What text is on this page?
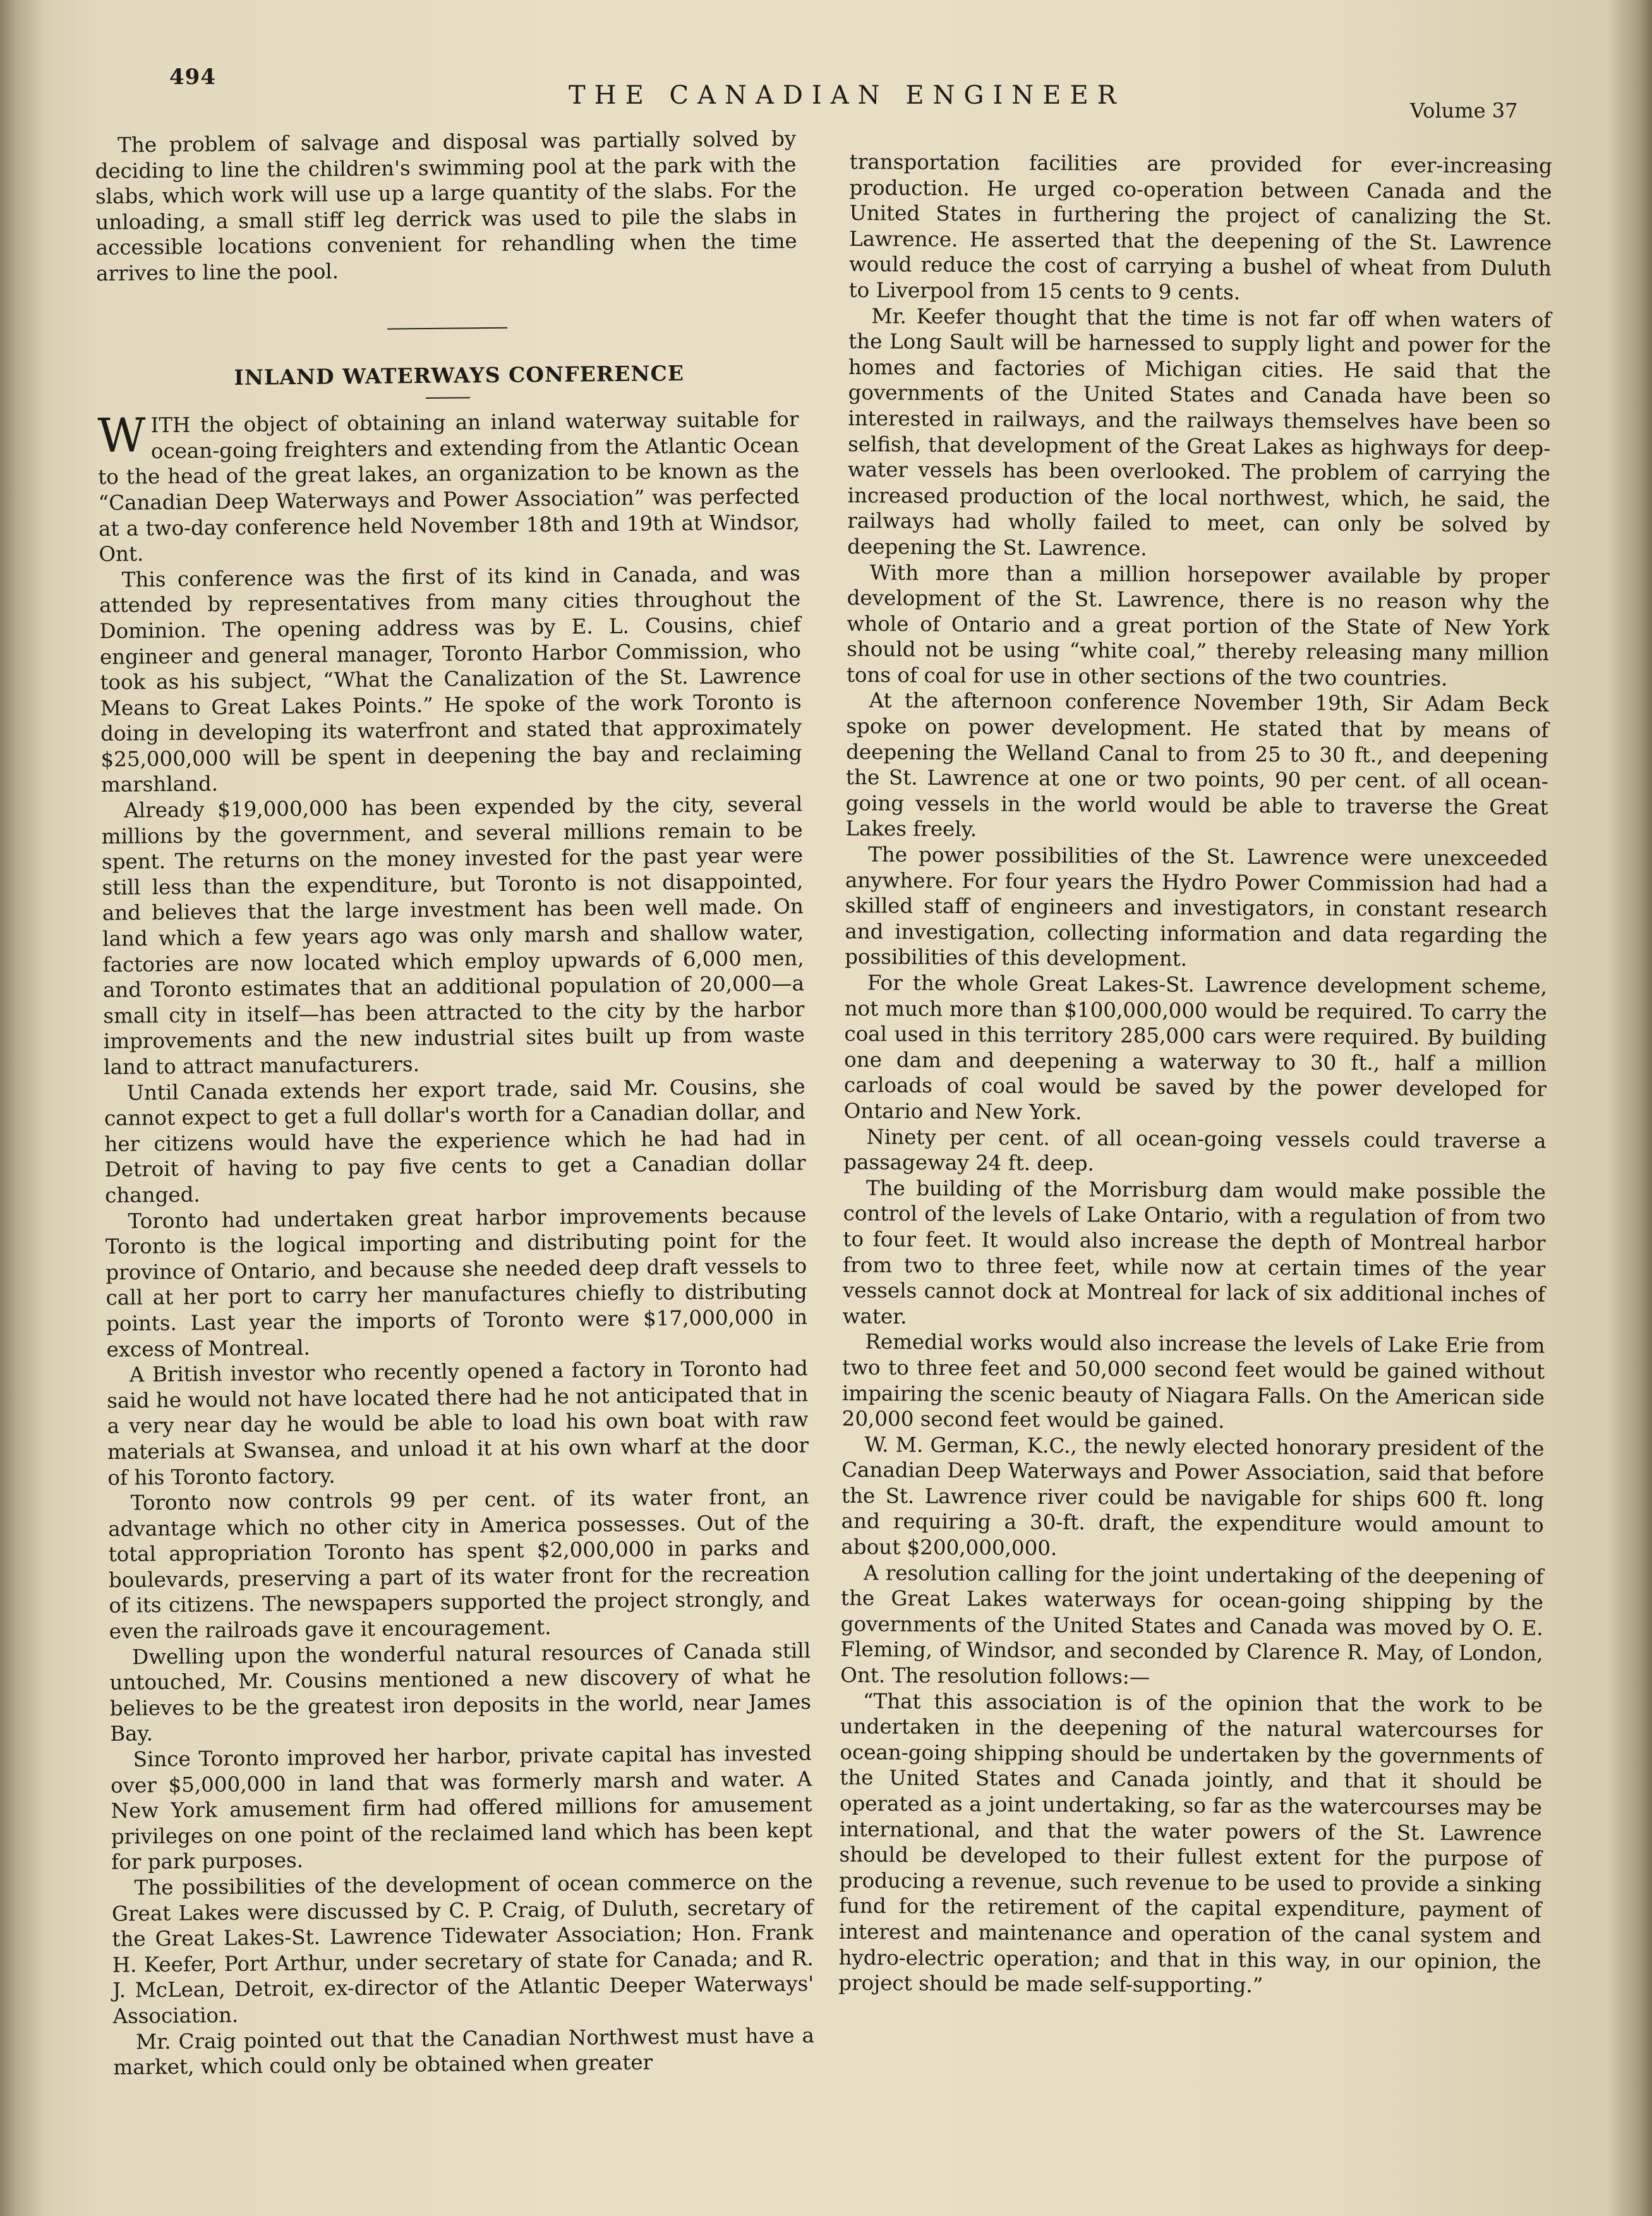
494
THE CANADIAN ENGINEER
Volume 37

The problem of salvage and disposal was partially solved by deciding to line the children's swimming pool at the park with the slabs, which work will use up a large quantity of the slabs. For the unloading, a small stiff leg derrick was used to pile the slabs in accessible locations convenient for rehandling when the time arrives to line the pool.

INLAND WATERWAYS CONFERENCE

WITH the object of obtaining an inland waterway suitable for ocean-going freighters and extending from the Atlantic Ocean to the head of the great lakes, an organization to be known as the “Canadian Deep Waterways and Power Association” was perfected at a two-day conference held November 18th and 19th at Windsor, Ont.

This conference was the first of its kind in Canada, and was attended by representatives from many cities throughout the Dominion. The opening address was by E. L. Cousins, chief engineer and general manager, Toronto Harbor Commission, who took as his subject, “What the Canalization of the St. Lawrence Means to Great Lakes Points.” He spoke of the work Toronto is doing in developing its waterfront and stated that approximately $25,000,000 will be spent in deepening the bay and reclaiming marshland.

Already $19,000,000 has been expended by the city, several millions by the government, and several millions remain to be spent. The returns on the money invested for the past year were still less than the expenditure, but Toronto is not disappointed, and believes that the large investment has been well made. On land which a few years ago was only marsh and shallow water, factories are now located which employ upwards of 6,000 men, and Toronto estimates that an additional population of 20,000—a small city in itself—has been attracted to the city by the harbor improvements and the new industrial sites built up from waste land to attract manufacturers.

Until Canada extends her export trade, said Mr. Cousins, she cannot expect to get a full dollar's worth for a Canadian dollar, and her citizens would have the experience which he had had in Detroit of having to pay five cents to get a Canadian dollar changed.

Toronto had undertaken great harbor improvements because Toronto is the logical importing and distributing point for the province of Ontario, and because she needed deep draft vessels to call at her port to carry her manufactures chiefly to distributing points. Last year the imports of Toronto were $17,000,000 in excess of Montreal.

A British investor who recently opened a factory in Toronto had said he would not have located there had he not anticipated that in a very near day he would be able to load his own boat with raw materials at Swansea, and unload it at his own wharf at the door of his Toronto factory.

Toronto now controls 99 per cent. of its water front, an advantage which no other city in America possesses. Out of the total appropriation Toronto has spent $2,000,000 in parks and boulevards, preserving a part of its water front for the recreation of its citizens. The newspapers supported the project strongly, and even the railroads gave it encouragement.

Dwelling upon the wonderful natural resources of Canada still untouched, Mr. Cousins mentioned a new discovery of what he believes to be the greatest iron deposits in the world, near James Bay.

Since Toronto improved her harbor, private capital has invested over $5,000,000 in land that was formerly marsh and water. A New York amusement firm had offered millions for amusement privileges on one point of the reclaimed land which has been kept for park purposes.

The possibilities of the development of ocean commerce on the Great Lakes were discussed by C. P. Craig, of Duluth, secretary of the Great Lakes-St. Lawrence Tidewater Association; Hon. Frank H. Keefer, Port Arthur, under secretary of state for Canada; and R. J. McLean, Detroit, ex-director of the Atlantic Deeper Waterways' Association.

Mr. Craig pointed out that the Canadian Northwest must have a market, which could only be obtained when greater

transportation facilities are provided for ever-increasing production. He urged co-operation between Canada and the United States in furthering the project of canalizing the St. Lawrence. He asserted that the deepening of the St. Lawrence would reduce the cost of carrying a bushel of wheat from Duluth to Liverpool from 15 cents to 9 cents.

Mr. Keefer thought that the time is not far off when waters of the Long Sault will be harnessed to supply light and power for the homes and factories of Michigan cities. He said that the governments of the United States and Canada have been so interested in railways, and the railways themselves have been so selfish, that development of the Great Lakes as highways for deep-water vessels has been overlooked. The problem of carrying the increased production of the local northwest, which, he said, the railways had wholly failed to meet, can only be solved by deepening the St. Lawrence.

With more than a million horsepower available by proper development of the St. Lawrence, there is no reason why the whole of Ontario and a great portion of the State of New York should not be using “white coal,” thereby releasing many million tons of coal for use in other sections of the two countries.

At the afternoon conference November 19th, Sir Adam Beck spoke on power development. He stated that by means of deepening the Welland Canal to from 25 to 30 ft., and deepening the St. Lawrence at one or two points, 90 per cent. of all ocean-going vessels in the world would be able to traverse the Great Lakes freely.

The power possibilities of the St. Lawrence were unexceeded anywhere. For four years the Hydro Power Commission had had a skilled staff of engineers and investigators, in constant research and investigation, collecting information and data regarding the possibilities of this development.

For the whole Great Lakes-St. Lawrence development scheme, not much more than $100,000,000 would be required. To carry the coal used in this territory 285,000 cars were required. By building one dam and deepening a waterway to 30 ft., half a million carloads of coal would be saved by the power developed for Ontario and New York.

Ninety per cent. of all ocean-going vessels could traverse a passageway 24 ft. deep.

The building of the Morrisburg dam would make possible the control of the levels of Lake Ontario, with a regulation of from two to four feet. It would also increase the depth of Montreal harbor from two to three feet, while now at certain times of the year vessels cannot dock at Montreal for lack of six additional inches of water.

Remedial works would also increase the levels of Lake Erie from two to three feet and 50,000 second feet would be gained without impairing the scenic beauty of Niagara Falls. On the American side 20,000 second feet would be gained.

W. M. German, K.C., the newly elected honorary president of the Canadian Deep Waterways and Power Association, said that before the St. Lawrence river could be navigable for ships 600 ft. long and requiring a 30-ft. draft, the expenditure would amount to about $200,000,000.

A resolution calling for the joint undertaking of the deepening of the Great Lakes waterways for ocean-going shipping by the governments of the United States and Canada was moved by O. E. Fleming, of Windsor, and seconded by Clarence R. May, of London, Ont. The resolution follows:—

“That this association is of the opinion that the work to be undertaken in the deepening of the natural watercourses for ocean-going shipping should be undertaken by the governments of the United States and Canada jointly, and that it should be operated as a joint undertaking, so far as the watercourses may be international, and that the water powers of the St. Lawrence should be developed to their fullest extent for the purpose of producing a revenue, such revenue to be used to provide a sinking fund for the retirement of the capital expenditure, payment of interest and maintenance and operation of the canal system and hydro-electric operation; and that in this way, in our opinion, the project should be made self-supporting.”
